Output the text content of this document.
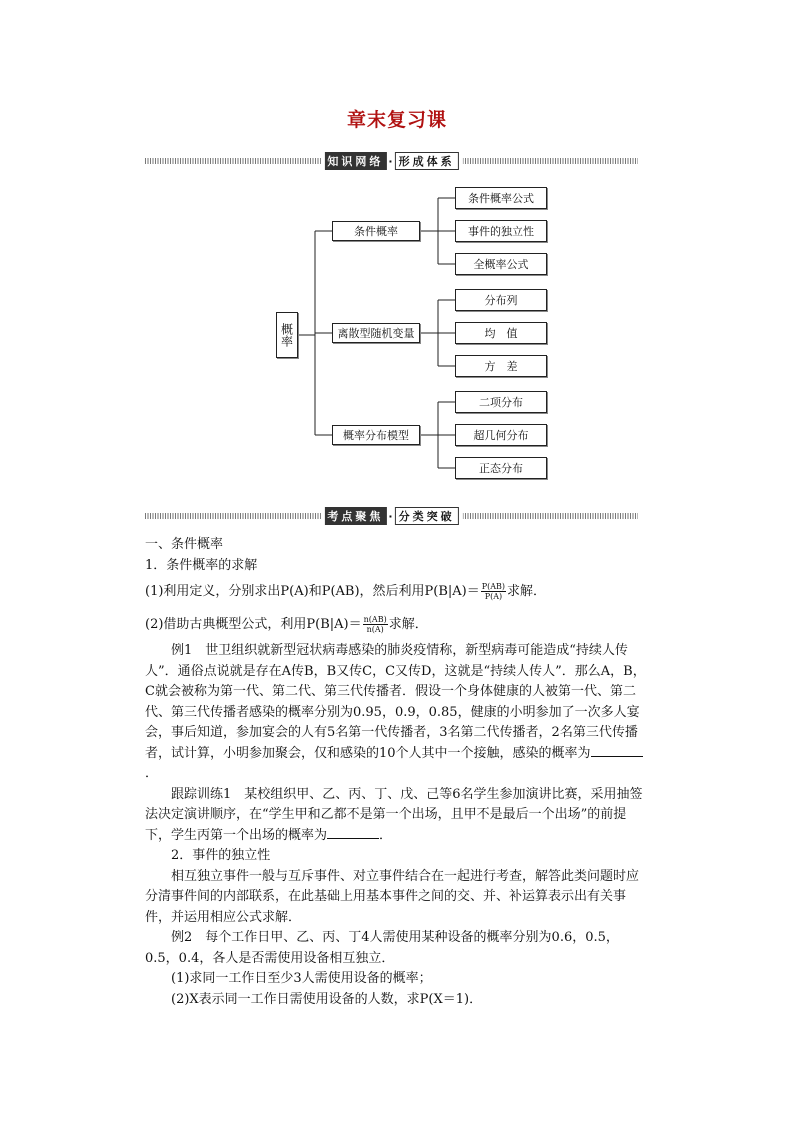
章末复习课
知识网络 · 形成体系
概率
条件概率
条件概率公式
事件的独立性
全概率公式
离散型随机变量
分布列
均　值
方　差
概率分布模型
二项分布
超几何分布
正态分布
考点聚焦 · 分类突破

一、条件概率

1．条件概率的求解

(1)利用定义，分别求出P(A)和P(AB)，然后利用$P(B|A)= \frac{P(AB)}{P(A)}$ 求解．

(2)借助古典概型公式，利用$P(B|A)= \frac{n(AB)}{n(A)}$ 求解．

例1　世卫组织就新型冠状病毒感染的肺炎疫情称，新型病毒可能造成“持续人传人”．通俗点说就是存在A传B，B又传C，C又传D，这就是“持续人传人”．那么A，B，C就会被称为第一代、第二代、第三代传播者．假设一个身体健康的人被第一代、第二代、第三代传播者感染的概率分别为0.95，0.9，0.85，健康的小明参加了一次多人宴会，事后知道，参加宴会的人有5名第一代传播者，3名第二代传播者，2名第三代传播者，试计算，小明参加聚会，仅和感染的10个人其中一个接触，感染的概率为．

跟踪训练1　某校组织甲、乙、丙、丁、戊、己等6名学生参加演讲比赛，采用抽签法决定演讲顺序，在“学生甲和乙都不是第一个出场，且甲不是最后一个出场”的前提下，学生丙第一个出场的概率为	．

2．事件的独立性

相互独立事件一般与互斥事件、对立事件结合在一起进行考查，解答此类问题时应分清事件间的内部联系，在此基础上用基本事件之间的交、并、补运算表示出有关事件，并运用相应公式求解．

例2　每个工作日甲、乙、丙、丁4人需使用某种设备的概率分别为0.6，0.5，0.5，0.4，各人是否需使用设备相互独立．

(1)求同一工作日至少3人需使用设备的概率；

(2)X表示同一工作日需使用设备的人数，求P(X＝1)．
